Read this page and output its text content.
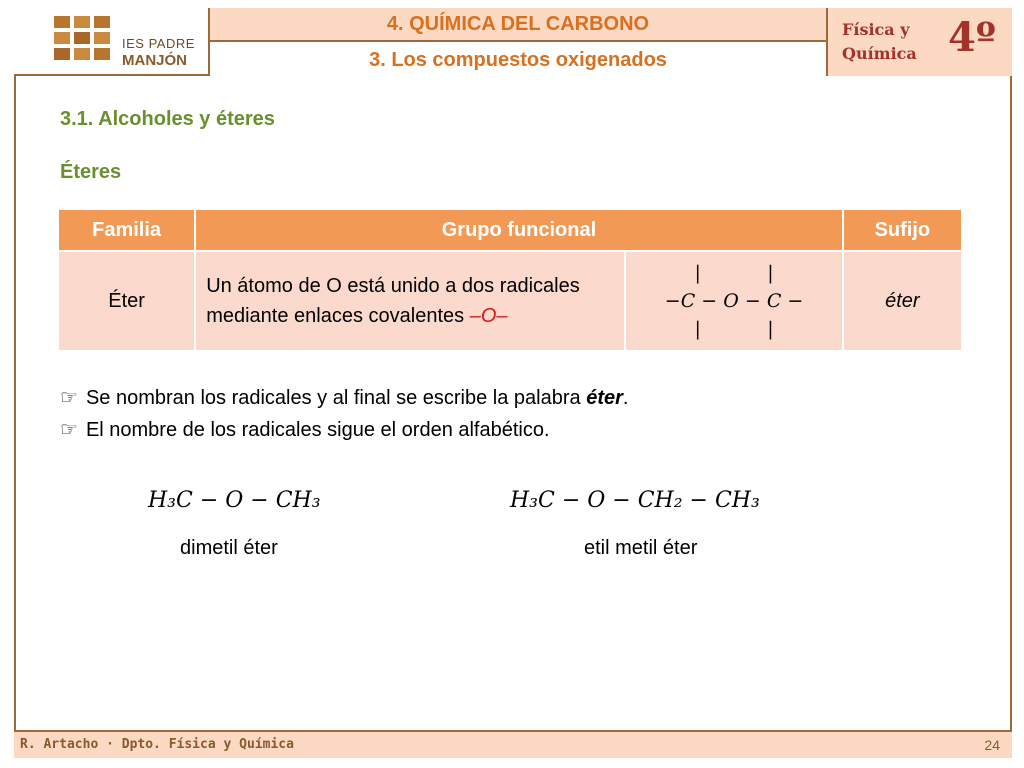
IES PADRE
MANJÓN
4. QUÍMICA DEL CARBONO
3. Los compuestos oxigenados
Física y
Química 4º
3.1. Alcoholes y éteres
Éteres
Familia	Grupo funcional		Sufijo
Éter	Un átomo de O está unido a dos radicales mediante enlaces covalentes –O–	|           |
−C − O − C −
|           |	éter
☞ Se nombran los radicales y al final se escribe la palabra éter.
☞ El nombre de los radicales sigue el orden alfabético.
H₃C − O − CH₃
dimetil éter
H₃C − O − CH₂ − CH₃
etil metil éter
R. Artacho · Dpto. Física y Química	24
